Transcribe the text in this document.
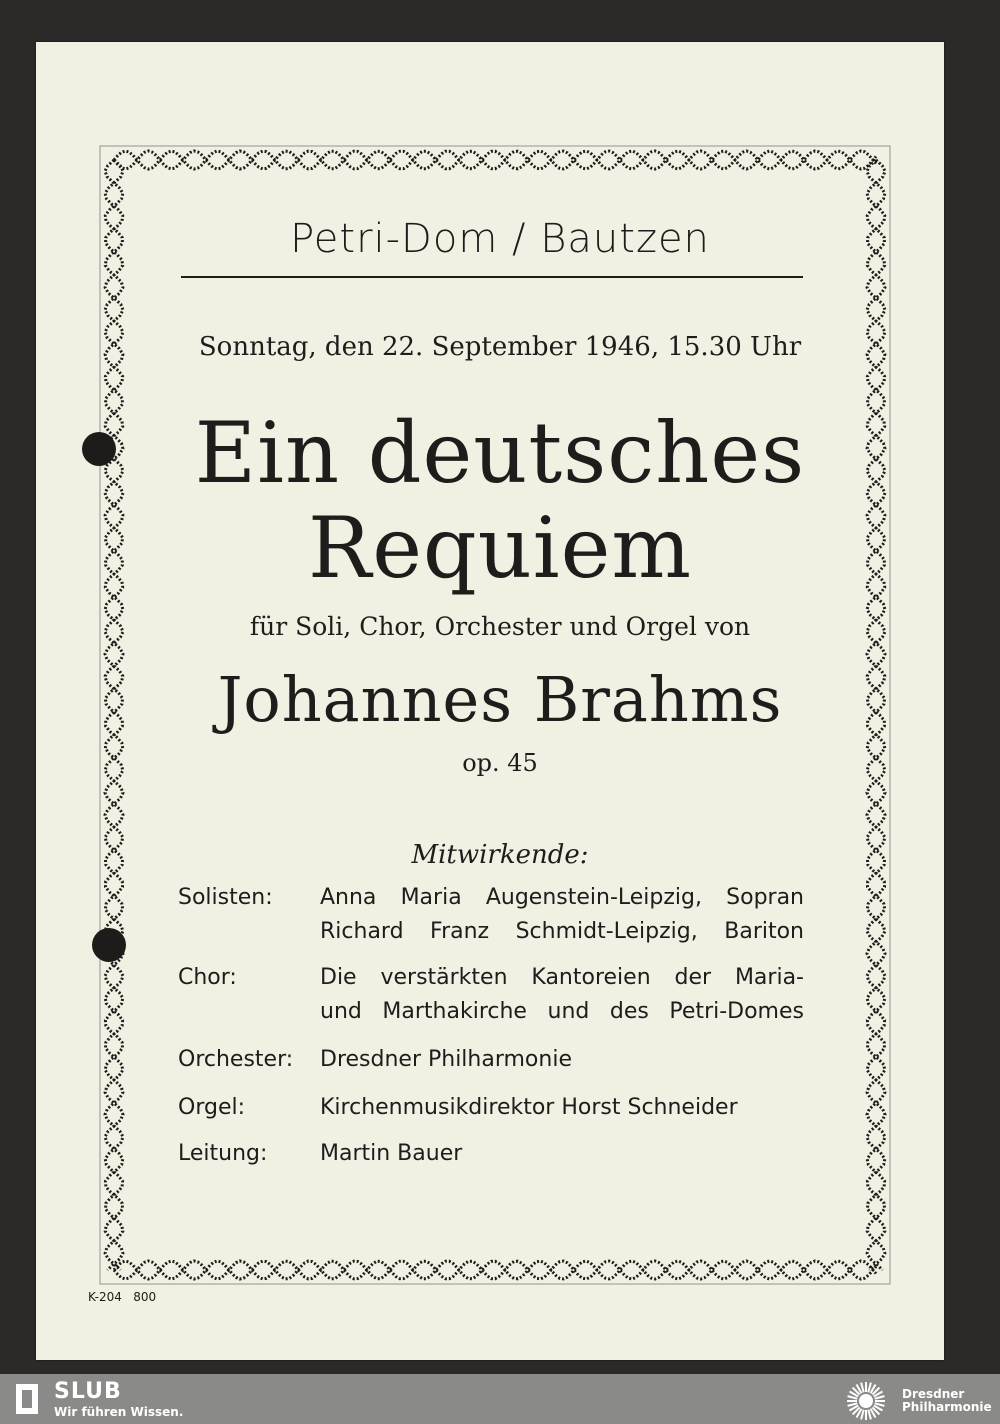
Petri-Dom / Bautzen
Sonntag, den 22. September 1946, 15.30 Uhr
Ein deutsches
Requiem
für Soli, Chor, Orchester und Orgel von
Johannes Brahms
op. 45
Mitwirkende:
Solisten: Anna Maria Augenstein-Leipzig, Sopran
Richard Franz Schmidt-Leipzig, Bariton
Chor:	Die verstärkten Kantoreien der Maria-
und Marthakirche und des Petri-Domes
Orchester: Dresdner Philharmonie
Orgel:	Kirchenmusikdirektor Horst Schneider
Leitung: Martin Bauer
K-204   800
SLUB
Wir führen Wissen.
Dresdner
Philharmonie
